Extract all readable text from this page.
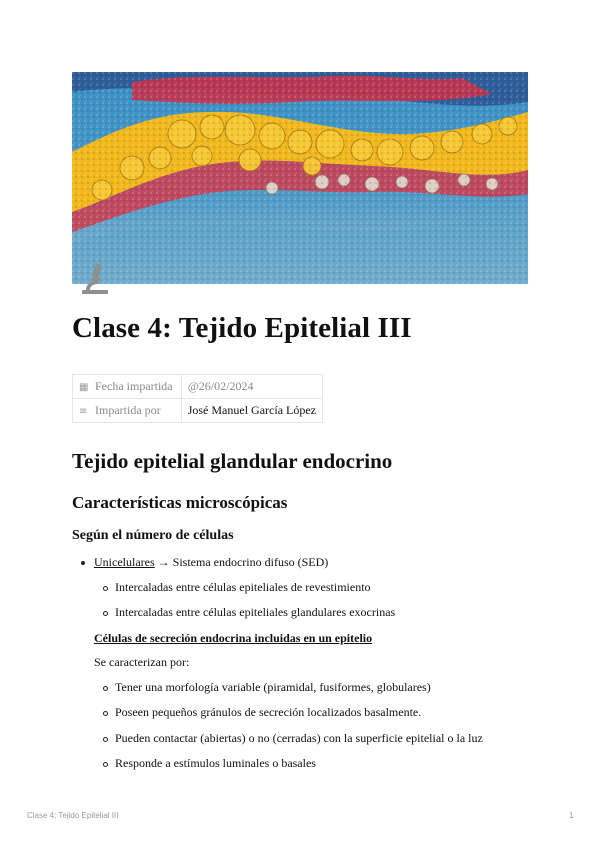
Clase 4: Tejido Epitelial III
▦ Fecha impartida	@26/02/2024
≡ Impartida por	José Manuel García López
Tejido epitelial glandular endocrino
Características microscópicas
Según el número de células
Unicelulares → Sistema endocrino difuso (SED)
Intercaladas entre células epiteliales de revestimiento
Intercaladas entre células epiteliales glandulares exocrinas
Células de secreción endocrina incluidas en un epitelio
Se caracterizan por:
Tener una morfología variable (piramidal, fusiformes, globulares)
Poseen pequeños gránulos de secreción localizados basalmente.
Pueden contactar (abiertas) o no (cerradas) con la superficie epitelial o la luz
Responde a estímulos luminales o basales
Clase 4: Tejido Epitelial III	1
